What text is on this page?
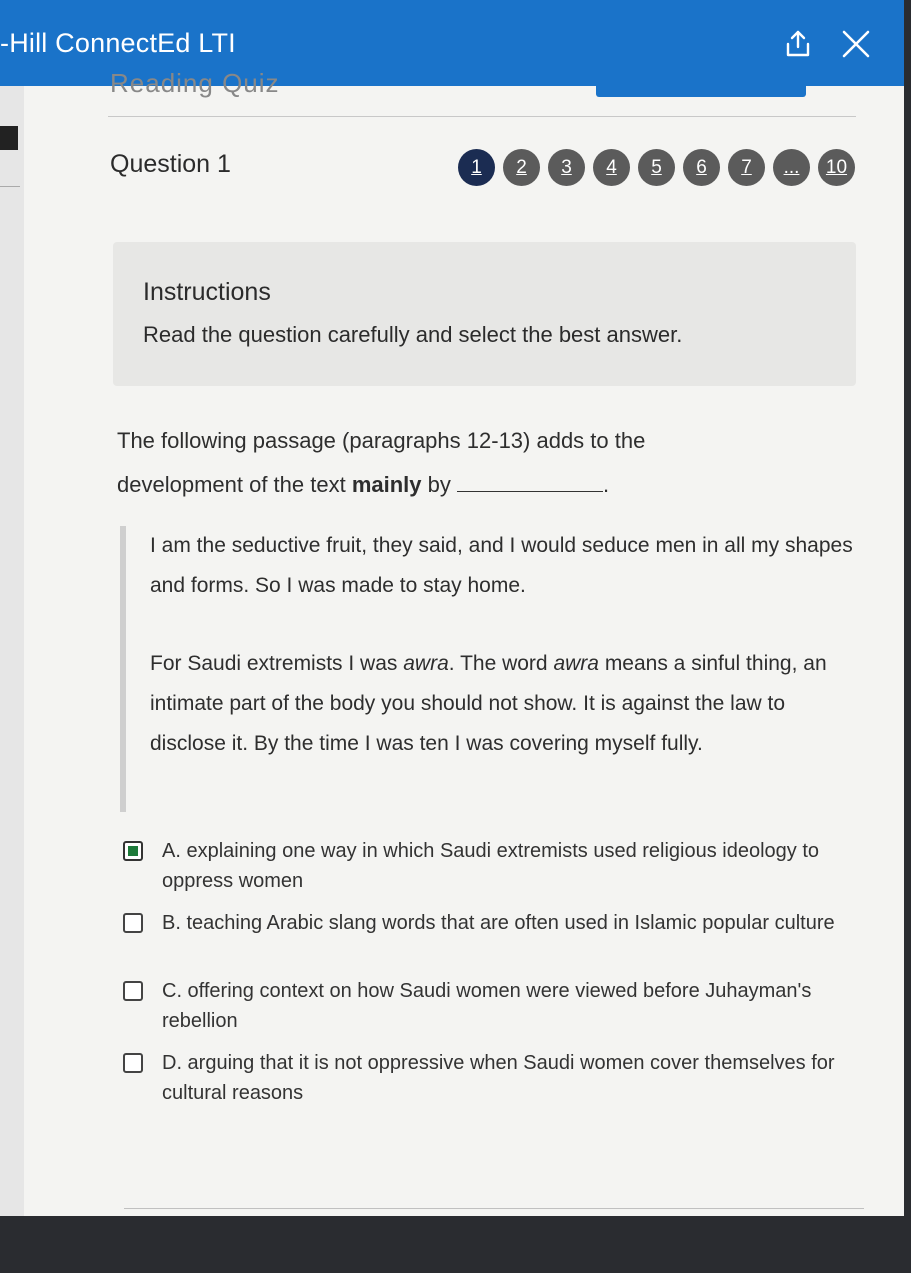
-Hill ConnectEd LTI
Reading Quiz
Question 1	1	2	3	4	5	6	7	...	10
Instructions
Read the question carefully and select the best answer.
The following passage (paragraphs 12-13) adds to the development of the text mainly by	.

I am the seductive fruit, they said, and I would seduce men in all my shapes and forms. So I was made to stay home.

For Saudi extremists I was awra. The word awra means a sinful thing, an intimate part of the body you should not show. It is against the law to disclose it. By the time I was ten I was covering myself fully.

A. explaining one way in which Saudi extremists used religious ideology to oppress women
B. teaching Arabic slang words that are often used in Islamic popular culture
C. offering context on how Saudi women were viewed before Juhayman's rebellion
D. arguing that it is not oppressive when Saudi women cover themselves for cultural reasons
